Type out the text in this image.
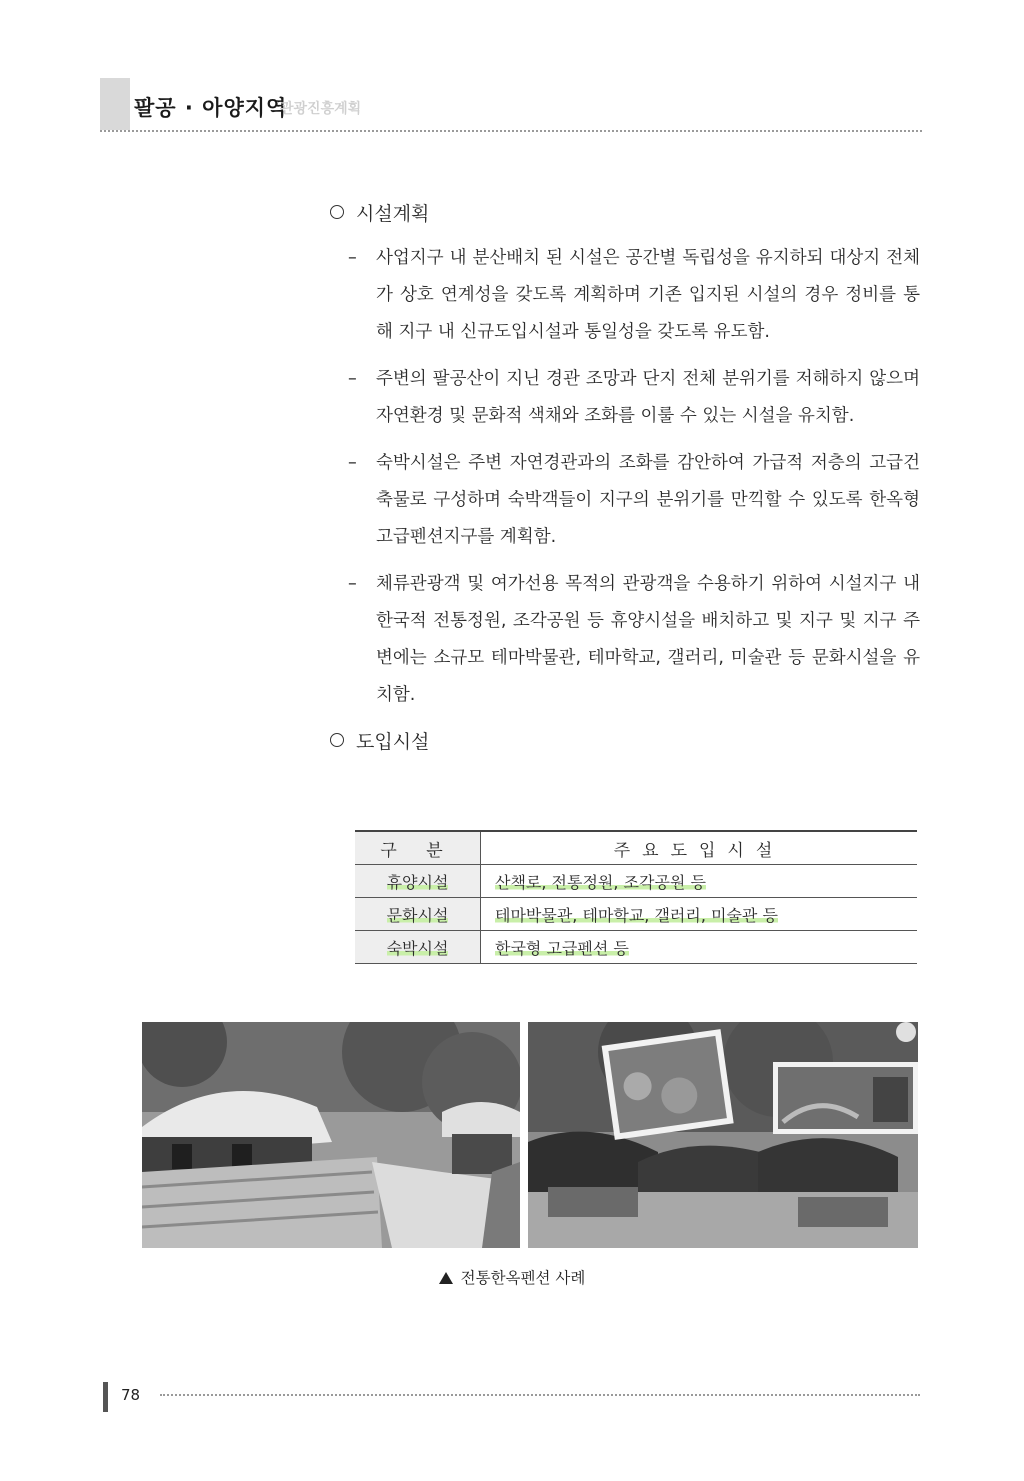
팔공 · 아양지역
관광진흥계획
시설계획
– 사업지구 내 분산배치 된 시설은 공간별 독립성을 유지하되 대상지 전체가 상호 연계성을 갖도록 계획하며 기존 입지된 시설의 경우 정비를 통해 지구 내 신규도입시설과 통일성을 갖도록 유도함.
– 주변의 팔공산이 지닌 경관 조망과 단지 전체 분위기를 저해하지 않으며 자연환경 및 문화적 색채와 조화를 이룰 수 있는 시설을 유치함.
– 숙박시설은 주변 자연경관과의 조화를 감안하여 가급적 저층의 고급건축물로 구성하며 숙박객들이 지구의 분위기를 만끽할 수 있도록 한옥형 고급펜션지구를 계획함.
– 체류관광객 및 여가선용 목적의 관광객을 수용하기 위하여 시설지구 내 한국적 전통정원, 조각공원 등 휴양시설을 배치하고 및 지구 및 지구 주변에는 소규모 테마박물관, 테마학교, 갤러리, 미술관 등 문화시설을 유치함.
도입시설
구 분	주요도입시설
휴양시설	산책로, 전통정원, 조각공원 등
문화시설	테마박물관, 테마학교, 갤러리, 미술관 등
숙박시설	한국형 고급펜션 등
전통한옥펜션 사례
78
